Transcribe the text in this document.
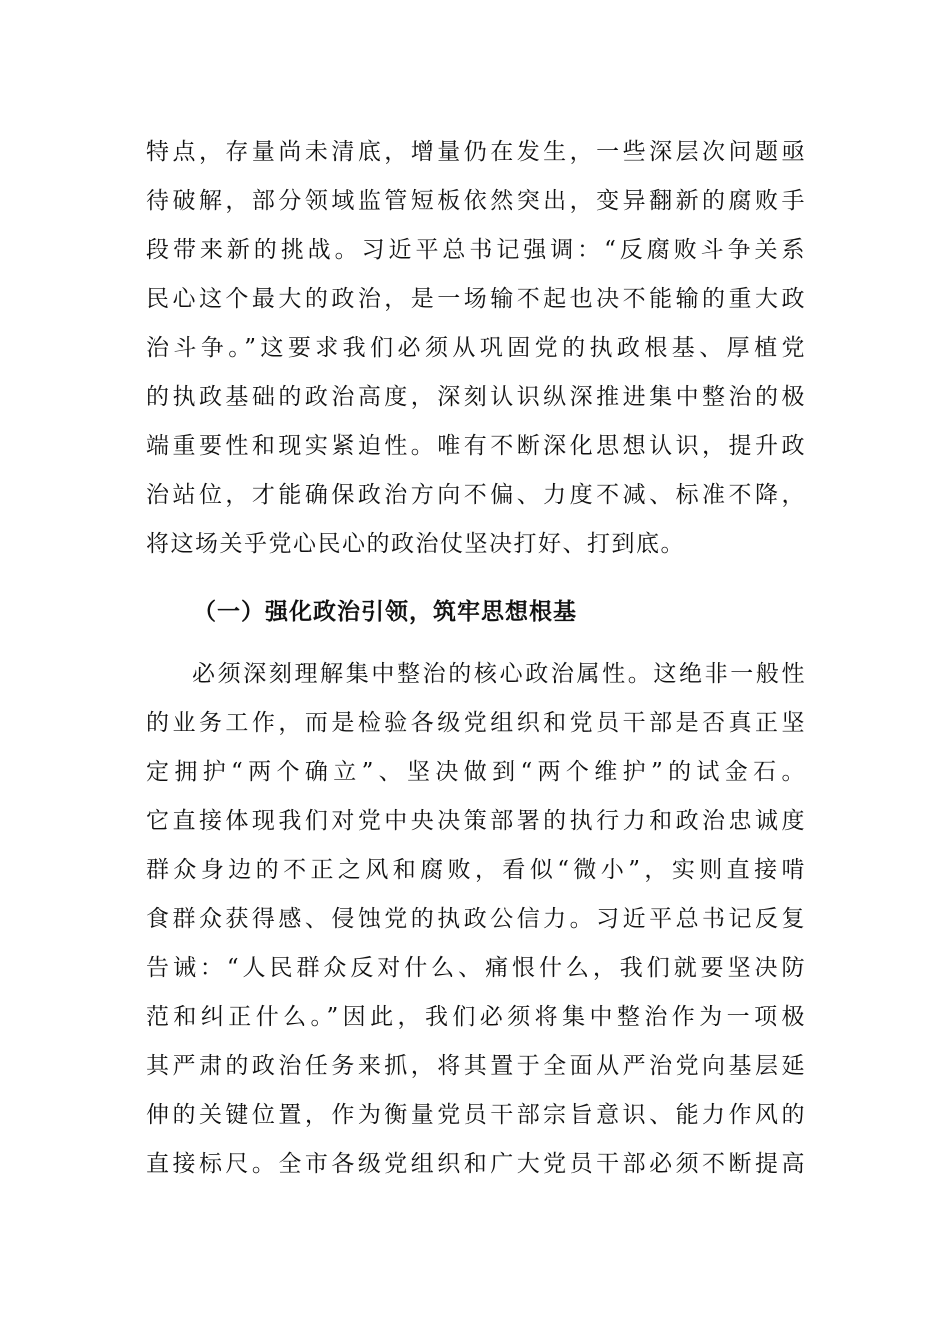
特点，存量尚未清底，增量仍在发生，一些深层次问题亟
待破解，部分领域监管短板依然突出，变异翻新的腐败手
段带来新的挑战。习近平总书记强调：“反腐败斗争关系
民心这个最大的政治，是一场输不起也决不能输的重大政
治斗争。”这要求我们必须从巩固党的执政根基、厚植党
的执政基础的政治高度，深刻认识纵深推进集中整治的极
端重要性和现实紧迫性。唯有不断深化思想认识，提升政
治站位，才能确保政治方向不偏、力度不减、标准不降，
将这场关乎党心民心的政治仗坚决打好、打到底。
（一）强化政治引领，筑牢思想根基
必须深刻理解集中整治的核心政治属性。这绝非一般性
的业务工作，而是检验各级党组织和党员干部是否真正坚
定拥护“两个确立”、坚决做到“两个维护”的试金石。
它直接体现我们对党中央决策部署的执行力和政治忠诚度
群众身边的不正之风和腐败，看似“微小”，实则直接啃
食群众获得感、侵蚀党的执政公信力。习近平总书记反复
告诫：“人民群众反对什么、痛恨什么，我们就要坚决防
范和纠正什么。”因此，我们必须将集中整治作为一项极
其严肃的政治任务来抓，将其置于全面从严治党向基层延
伸的关键位置，作为衡量党员干部宗旨意识、能力作风的
直接标尺。全市各级党组织和广大党员干部必须不断提高
